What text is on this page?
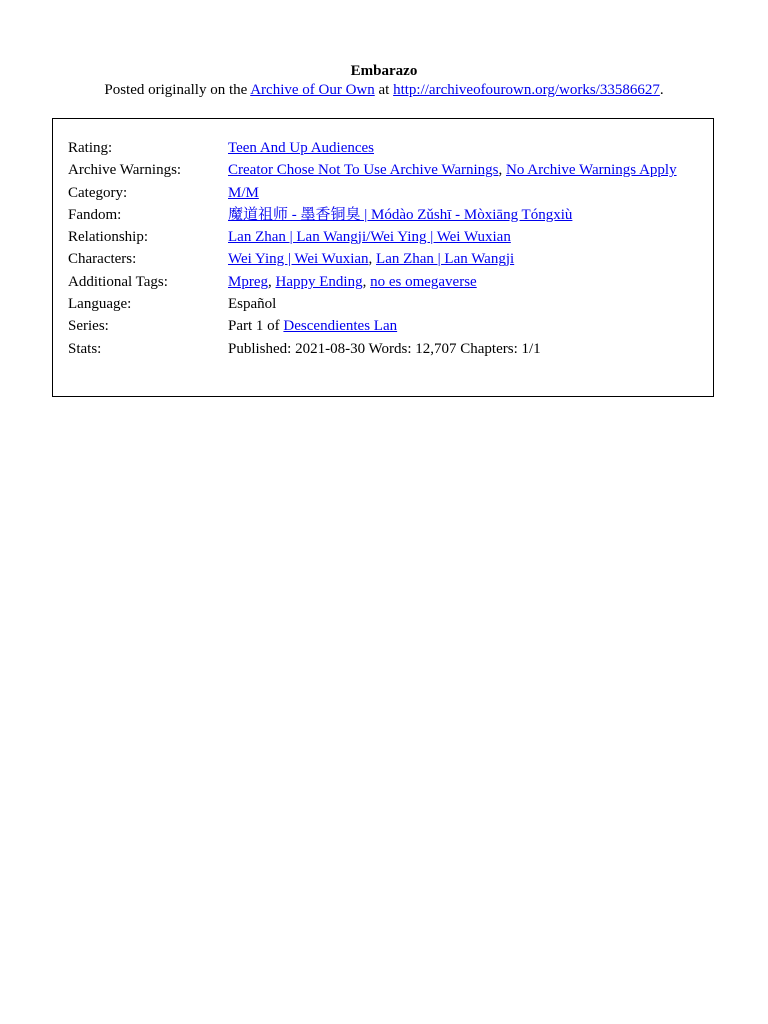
Embarazo
Posted originally on the Archive of Our Own at http://archiveofourown.org/works/33586627.
Rating:	Teen And Up Audiences
Archive Warnings:	Creator Chose Not To Use Archive Warnings, No Archive Warnings Apply
Category:	M/M
Fandom:	魔道祖师 - 墨香铜臭 | Módào Zǔshī - Mòxiāng Tóngxiù
Relationship:	Lan Zhan | Lan Wangji/Wei Ying | Wei Wuxian
Characters:	Wei Ying | Wei Wuxian, Lan Zhan | Lan Wangji
Additional Tags:	Mpreg, Happy Ending, no es omegaverse
Language:	Español
Series:	Part 1 of Descendientes Lan
Stats:	Published: 2021-08-30 Words: 12,707 Chapters: 1/1
